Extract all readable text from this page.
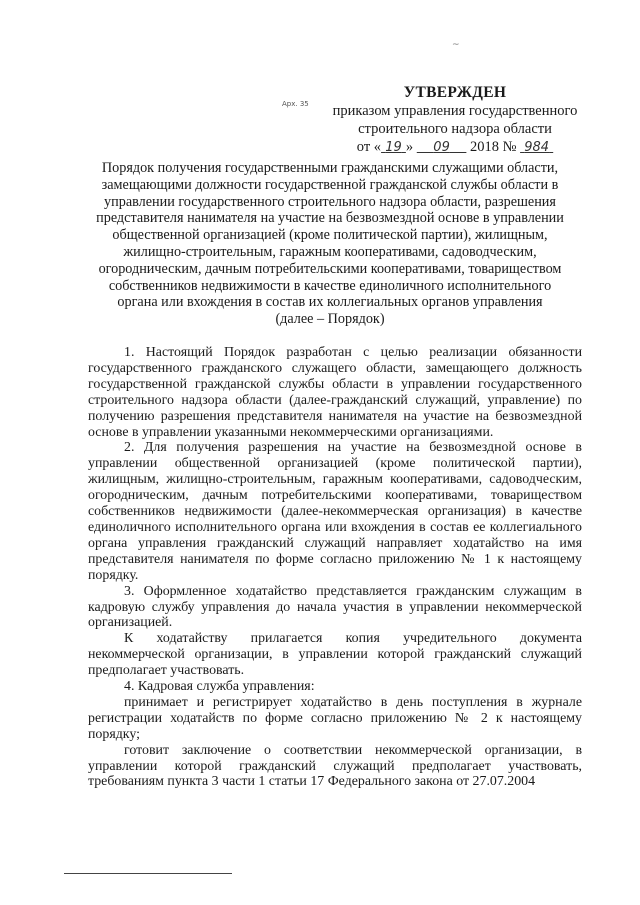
~
Арх. 35
УТВЕРЖДЕН
приказом управления государственного
строительного надзора области
от « 19 » 09 2018 № 984
Порядок получения государственными гражданскими служащими области,
замещающими должности государственной гражданской службы области в
управлении государственного строительного надзора области, разрешения
представителя нанимателя на участие на безвозмездной основе в управлении
общественной организацией (кроме политической партии), жилищным,
жилищно-строительным, гаражным кооперативами, садоводческим,
огородническим, дачным потребительскими кооперативами, товариществом
собственников недвижимости в качестве единоличного исполнительного
органа или вхождения в состав их коллегиальных органов управления
(далее – Порядок)

1. Настоящий Порядок разработан с целью реализации обязанности государственного гражданского служащего области, замещающего должность государственной гражданской службы области в управлении государственного строительного надзора области (далее-гражданский служащий, управление) по получению разрешения представителя нанимателя на участие на безвозмездной основе в управлении указанными некоммерческими организациями.

2. Для получения разрешения на участие на безвозмездной основе в управлении общественной организацией (кроме политической партии), жилищным, жилищно-строительным, гаражным кооперативами, садоводческим, огородническим, дачным потребительскими кооперативами, товариществом собственников недвижимости (далее-некоммерческая организация) в качестве единоличного исполнительного органа или вхождения в состав ее коллегиального органа управления гражданский служащий направляет ходатайство на имя представителя нанимателя по форме согласно приложению № 1 к настоящему порядку.

3. Оформленное ходатайство представляется гражданским служащим в кадровую службу управления до начала участия в управлении некоммерческой организацией.

К ходатайству прилагается копия учредительного документа некоммерческой организации, в управлении которой гражданский служащий предполагает участвовать.

4. Кадровая служба управления:

принимает и регистрирует ходатайство в день поступления в журнале регистрации ходатайств по форме согласно приложению № 2 к настоящему порядку;

готовит заключение о соответствии некоммерческой организации, в управлении которой гражданский служащий предполагает участвовать, требованиям пункта 3 части 1 статьи 17 Федерального закона от 27.07.2004
